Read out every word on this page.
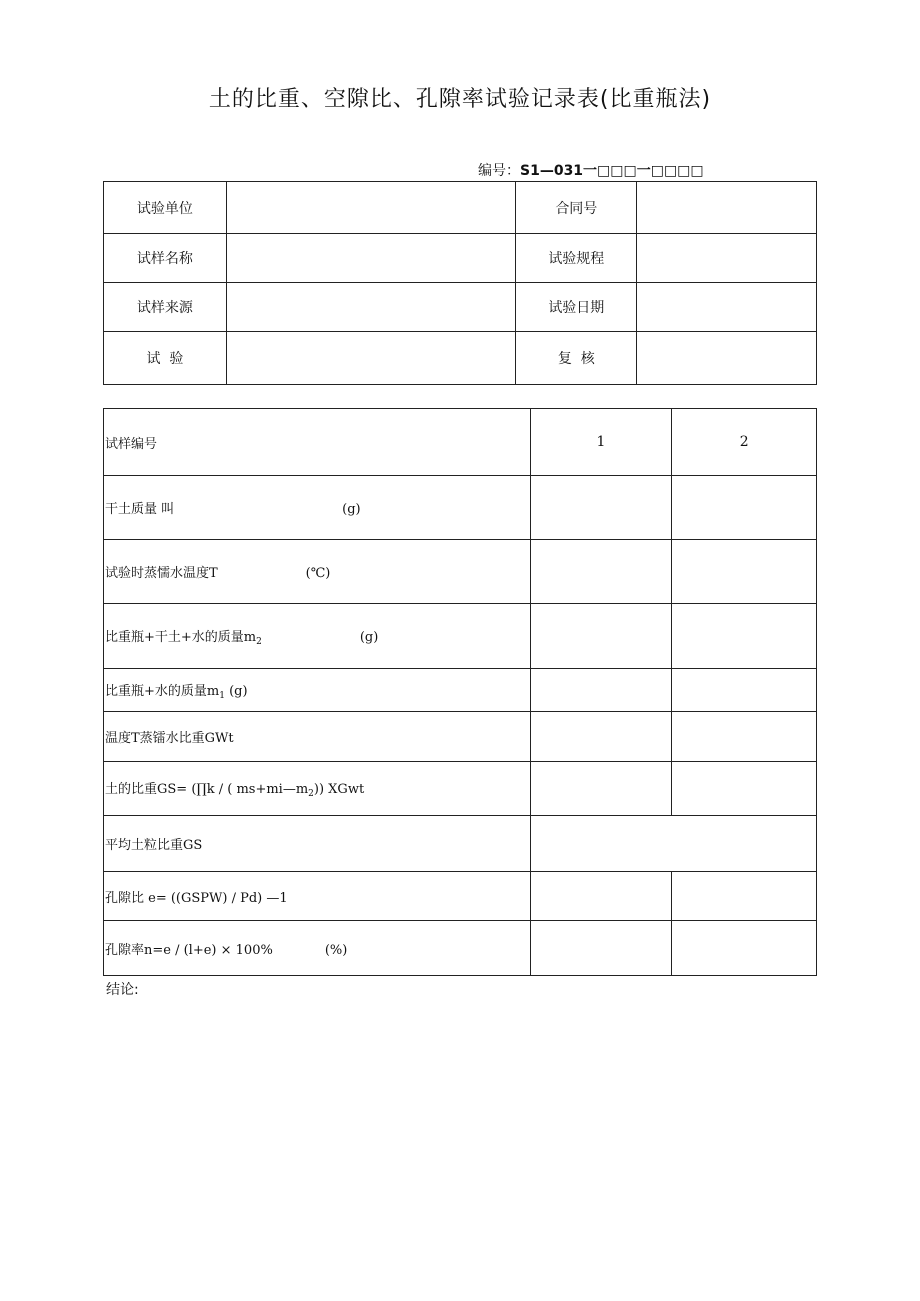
土的比重、空隙比、孔隙率试验记录表(比重瓶法)
编号：S1—031一□□□一□□□□
试验单位		合同号	
试样名称		试验规程	
试样来源		试验日期	
试  验		复  核	
试样编号	1	2
干土质量 叫 (g)		
试验时蒸懦水温度T (℃)		
比重瓶+干土+水的质量$m_2$ (g)		
比重瓶+水的质量$m_1$ (g)		
温度T蒸镭水比重GWt		
土的比重GS= (∏k / ( $ms+mi—m_2$)) XGwt		
平均土粒比重GS		
孔隙比 e= ((GSPW) / Pd) —1		
孔隙率n=e / (l+e) × 100% (%)		
结论:
